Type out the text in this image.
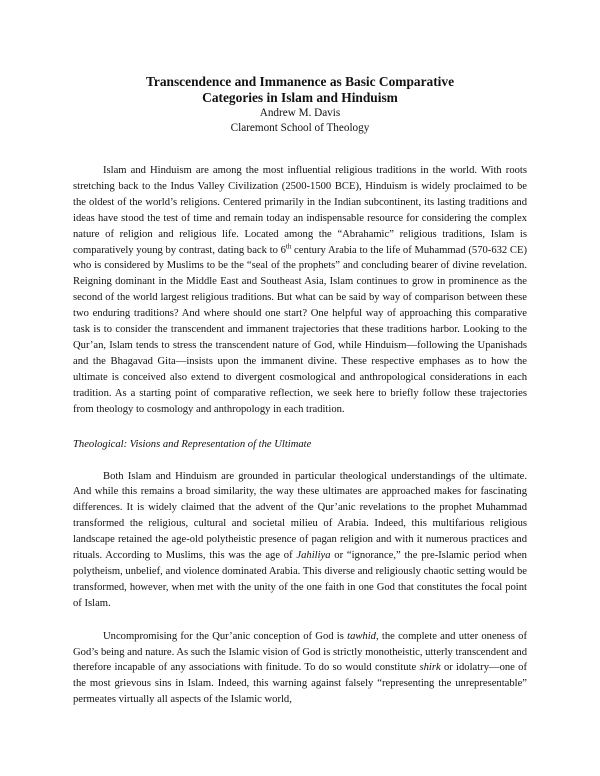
Transcendence and Immanence as Basic Comparative
Categories in Islam and Hinduism

Andrew M. Davis

Claremont School of Theology

Islam and Hinduism are among the most influential religious traditions in the world. With roots stretching back to the Indus Valley Civilization (2500-1500 BCE), Hinduism is widely proclaimed to be the oldest of the world’s religions. Centered primarily in the Indian subcontinent, its lasting traditions and ideas have stood the test of time and remain today an indispensable resource for considering the complex nature of religion and religious life. Located among the “Abrahamic” religious traditions, Islam is comparatively young by contrast, dating back to 6th century Arabia to the life of Muhammad (570-632 CE) who is considered by Muslims to be the “seal of the prophets” and concluding bearer of divine revelation. Reigning dominant in the Middle East and Southeast Asia, Islam continues to grow in prominence as the second of the world largest religious traditions. But what can be said by way of comparison between these two enduring traditions? And where should one start? One helpful way of approaching this comparative task is to consider the transcendent and immanent trajectories that these traditions harbor. Looking to the Qur’an, Islam tends to stress the transcendent nature of God, while Hinduism—following the Upanishads and the Bhagavad Gita—insists upon the immanent divine. These respective emphases as to how the ultimate is conceived also extend to divergent cosmological and anthropological considerations in each tradition. As a starting point of comparative reflection, we seek here to briefly follow these trajectories from theology to cosmology and anthropology in each tradition.

Theological: Visions and Representation of the Ultimate

Both Islam and Hinduism are grounded in particular theological understandings of the ultimate. And while this remains a broad similarity, the way these ultimates are approached makes for fascinating differences. It is widely claimed that the advent of the Qur’anic revelations to the prophet Muhammad transformed the religious, cultural and societal milieu of Arabia. Indeed, this multifarious religious landscape retained the age-old polytheistic presence of pagan religion and with it numerous practices and rituals. According to Muslims, this was the age of Jahiliya or “ignorance,” the pre-Islamic period when polytheism, unbelief, and violence dominated Arabia. This diverse and religiously chaotic setting would be transformed, however, when met with the unity of the one faith in one God that constitutes the focal point of Islam.

Uncompromising for the Qur’anic conception of God is tawhid, the complete and utter oneness of God’s being and nature. As such the Islamic vision of God is strictly monotheistic, utterly transcendent and therefore incapable of any associations with finitude. To do so would constitute shirk or idolatry—one of the most grievous sins in Islam. Indeed, this warning against falsely “representing the unrepresentable” permeates virtually all aspects of the Islamic world,
